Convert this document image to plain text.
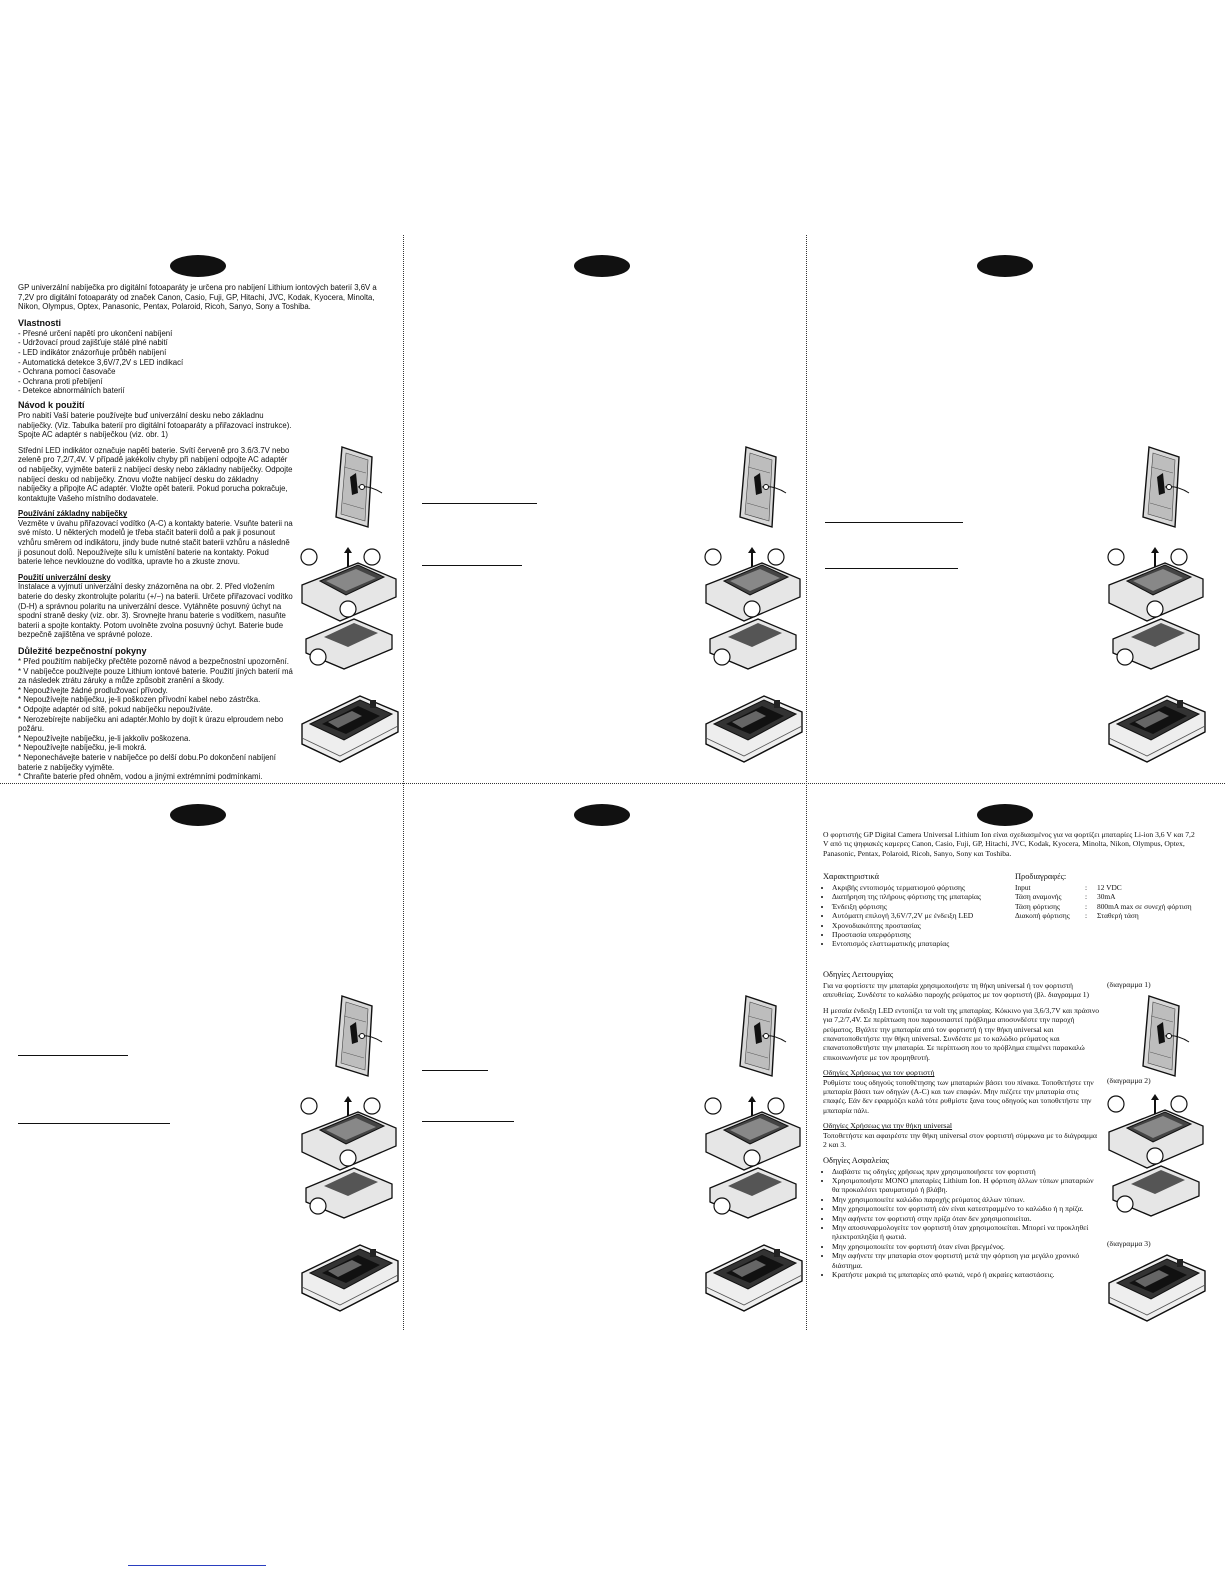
GP univerzální nabíječka pro digitální fotoaparáty je určena pro nabíjení Lithium iontových baterií 3,6V a 7,2V pro digitální fotoaparáty od značek Canon, Casio, Fuji, GP, Hitachi, JVC, Kodak, Kyocera, Minolta, Nikon, Olympus, Optex, Panasonic, Pentax, Polaroid, Ricoh, Sanyo, Sony a Toshiba.

Vlastnosti
- Přesné určení napětí pro ukončení nabíjení
- Udržovací proud zajišťuje stálé plné nabití
- LED indikátor znázorňuje průběh nabíjení
- Automatická detekce 3,6V/7,2V s LED indikací
- Ochrana pomocí časovače
- Ochrana proti přebíjení
- Detekce abnormálních baterií
Návod k použití

Pro nabití Vaší baterie používejte buď univerzální desku nebo základnu nabíječky. (Viz. Tabulka baterií pro digitální fotoaparáty a přiřazovací instrukce). Spojte AC adaptér s nabíječkou (viz. obr. 1)

Střední LED indikátor označuje napětí baterie. Svítí červeně pro 3.6/3.7V nebo zeleně pro 7,2/7,4V. V případě jakékoliv chyby při nabíjení odpojte AC adaptér od nabíječky, vyjměte baterii z nabíjecí desky nebo základny nabíječky. Odpojte nabíjecí desku od nabíječky. Znovu vložte nabíjecí desku do základny nabíječky a připojte AC adaptér. Vložte opět baterii. Pokud porucha pokračuje, kontaktujte Vašeho místního dodavatele.

Používání základny nabíječky

Vezměte v úvahu přiřazovací vodítko (A-C) a kontakty baterie. Vsuňte baterii na své místo. U některých modelů je třeba stačit baterii dolů a pak ji posunout vzhůru směrem od indikátoru, jindy bude nutné stačit baterii vzhůru a následně ji posunout dolů. Nepoužívejte sílu k umístění baterie na kontakty. Pokud baterie lehce nevklouzne do vodítka, upravte ho a zkuste znovu.

Použití univerzální desky

Instalace a vyjmutí univerzální desky znázorněna na obr. 2. Před vložením baterie do desky zkontrolujte polaritu (+/−) na baterii. Určete přiřazovací vodítko (D-H) a správnou polaritu na univerzální desce. Vytáhněte posuvný úchyt na spodní straně desky (viz. obr. 3). Srovnejte hranu baterie s vodítkem, nasuňte baterii a spojte kontakty. Potom uvolněte zvolna posuvný úchyt. Baterie bude bezpečně zajištěna ve správné poloze.

Důležité bezpečnostní pokyny
* Před použitím nabíječky přečtěte pozorně návod a bezpečnostní upozornění.
* V nabíječce používejte pouze Lithium iontové baterie. Použití jiných baterií má za následek ztrátu záruky a může způsobit zranění a škody.
* Nepoužívejte žádné prodlužovací přívody.
* Nepoužívejte nabíječku, je-li poškozen přívodní kabel nebo zástrčka.
* Odpojte adaptér od sítě, pokud nabíječku nepoužíváte.
* Nerozebírejte nabíječku ani adaptér.Mohlo by dojít k úrazu elproudem nebo požáru.
* Nepoužívejte nabíječku, je-li jakkoliv poškozena.
* Nepoužívejte nabíječku, je-li mokrá.
* Neponechávejte baterie v nabíječce po delší dobu.Po dokončení nabíjení baterie z nabíječky vyjměte.
* Chraňte baterie před ohněm, vodou a jinými extrémními podmínkami.

Ο φορτιστής GP Digital Camera Universal Lithium Ion είναι σχεδιασμένος για να φορτίζει μπαταρίες Li-ion 3,6 V και 7,2 V από τις ψηφιακές καμερες Canon, Casio, Fuji, GP, Hitachi, JVC, Kodak, Kyocera, Minolta, Nikon, Olympus, Optex, Panasonic, Pentax, Polaroid, Ricoh, Sanyo, Sony και Toshiba.

Χαρακτηριστικά
• Ακριβής εντοπισμός τερματισμού φόρτισης
• Διατήρηση της πλήρους φόρτισης της μπαταρίας
• Ένδειξη φόρτισης
• Αυτόματη επιλογή 3,6V/7,2V με ένδειξη LED
• Χρονοδιακόπτης προστασίας
• Προστασία υπερφόρτισης
• Εντοπισμός ελαττωματικής μπαταρίας
Προδιαγραφές:
Input	:	12 VDC
Τάση αναμονής	:	30mA
Τάση φόρτισης	:	800mA max σε συνεχή φόρτιση
Διακοπή φόρτισης	:	Σταθερή τάση
Οδηγίες Λειτουργίας

Για να φορτίσετε την μπαταρία χρησιμοποιήστε τη θήκη universal ή τον φορτιστή απευθείας. Συνδέστε το καλώδιο παροχής ρεύματος με τον φορτιστή (βλ. διαγραμμα 1)

Η μεσαία ένδειξη LED εντοπίζει τα volt της μπαταρίας. Κόκκινο για 3,6/3,7V και πράσινο για 7,2/7,4V. Σε περίπτωση που παρουσιαστεί πρόβλημα αποσυνδέστε την παροχή ρεύματος. Βγάλτε την μπαταρία από τον φορτιστή ή την θήκη universal και επανατοποθετήστε την θήκη universal. Συνδέστε με το καλώδιο ρεύματος και επανατοποθετήστε την μπαταρία. Σε περίπτωση που το πρόβλημα επιμένει παρακαλώ επικοινωνήστε με τον προμηθευτή.

Οδηγίες Χρήσεως για τον φορτιστή

Ρυθμίστε τους οδηγούς τοποθέτησης των μπαταριών βάσει του πίνακα. Τοποθετήστε την μπαταρία βάσει των οδηγών (A-C) και των επαφών. Μην πιέζετε την μπαταρία στις επαφές. Εάν δεν εφαρμόζει καλά τότε ρυθμίστε ξανα τους οδηγούς και τοποθετήστε την μπαταρία πάλι.

Οδηγίες Χρήσεως για την θήκη universal

Τοποθετήστε και αφαιρέστε την θήκη universal στον φορτιστή σύμφωνα με το διάγραμμα 2 και 3.

Οδηγίες Ασφαλείας
• Διαβάστε τις οδηγίες χρήσεως πριν χρησιμοποιήσετε τον φορτιστή
• Χρησιμοποιήστε ΜΟΝΟ μπαταρίες Lithium Ion. Η φόρτιση άλλων τύπων μπαταριών θα προκαλέσει τραυματισμό ή βλάβη.
• Μην χρησιμοποιείτε καλώδιο παροχής ρεύματος άλλων τύπων.
• Μην χρησιμοποιείτε τον φορτιστή εάν είναι κατεστραμμένο το καλώδιο ή η πρίζα.
• Μην αφήνετε τον φορτιστή στην πρίζα όταν δεν χρησιμοποιείται.
• Μην αποσυναρμολογείτε τον φορτιστή όταν χρησιμοποιείται. Μπορεί να προκληθεί ηλεκτροπληξία ή φωτιά.
• Μην χρησιμοποιείτε τον φορτιστή όταν είναι βρεγμένος.
• Μην αφήνετε την μπαταρία στον φορτιστή μετά την φόρτιση για μεγάλο χρονικό διάστημα.
• Κρατήστε μακριά τις μπαταρίες από φωτιά, νερό ή ακραίες καταστάσεις.
(διαγραμμα 1)
(διαγραμμα 2)
(διαγραμμα 3)
